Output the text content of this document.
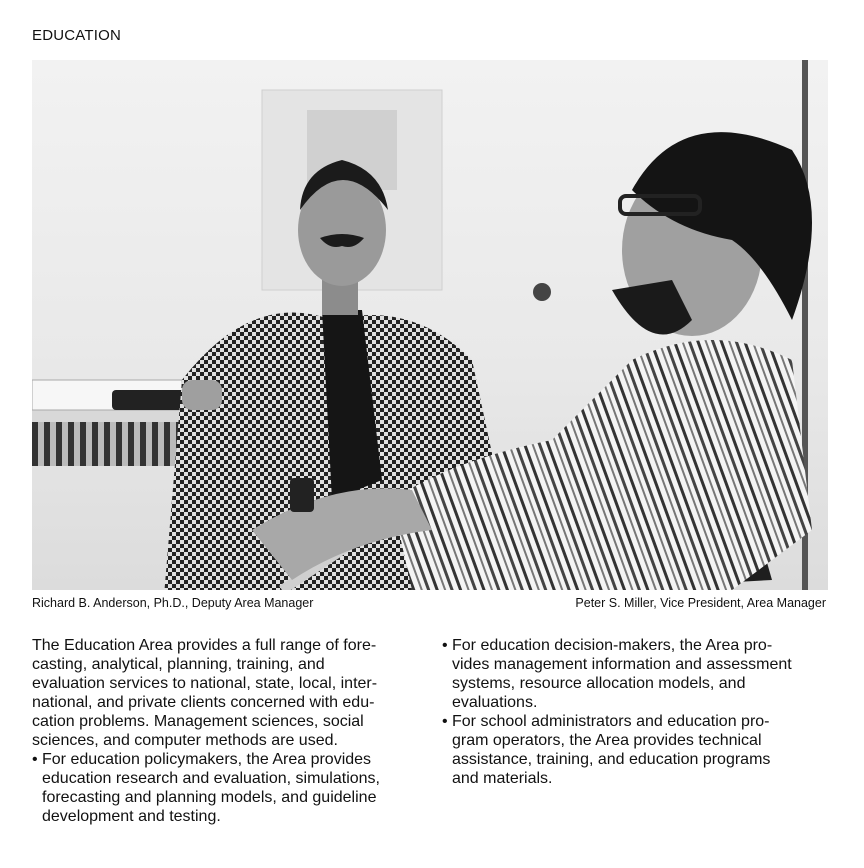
EDUCATION
Richard B. Anderson, Ph.D., Deputy Area Manager	Peter S. Miller, Vice President, Area Manager

The Education Area provides a full range of fore-
casting, analytical, planning, training, and
evaluation services to national, state, local, inter-
national, and private clients concerned with edu-
cation problems. Management sciences, social
sciences, and computer methods are used.

• For education policymakers, the Area provides
education research and evaluation, simulations,
forecasting and planning models, and guideline
development and testing.

• For education decision-makers, the Area pro-
vides management information and assessment
systems, resource allocation models, and
evaluations.

• For school administrators and education pro-
gram operators, the Area provides technical
assistance, training, and education programs
and materials.
